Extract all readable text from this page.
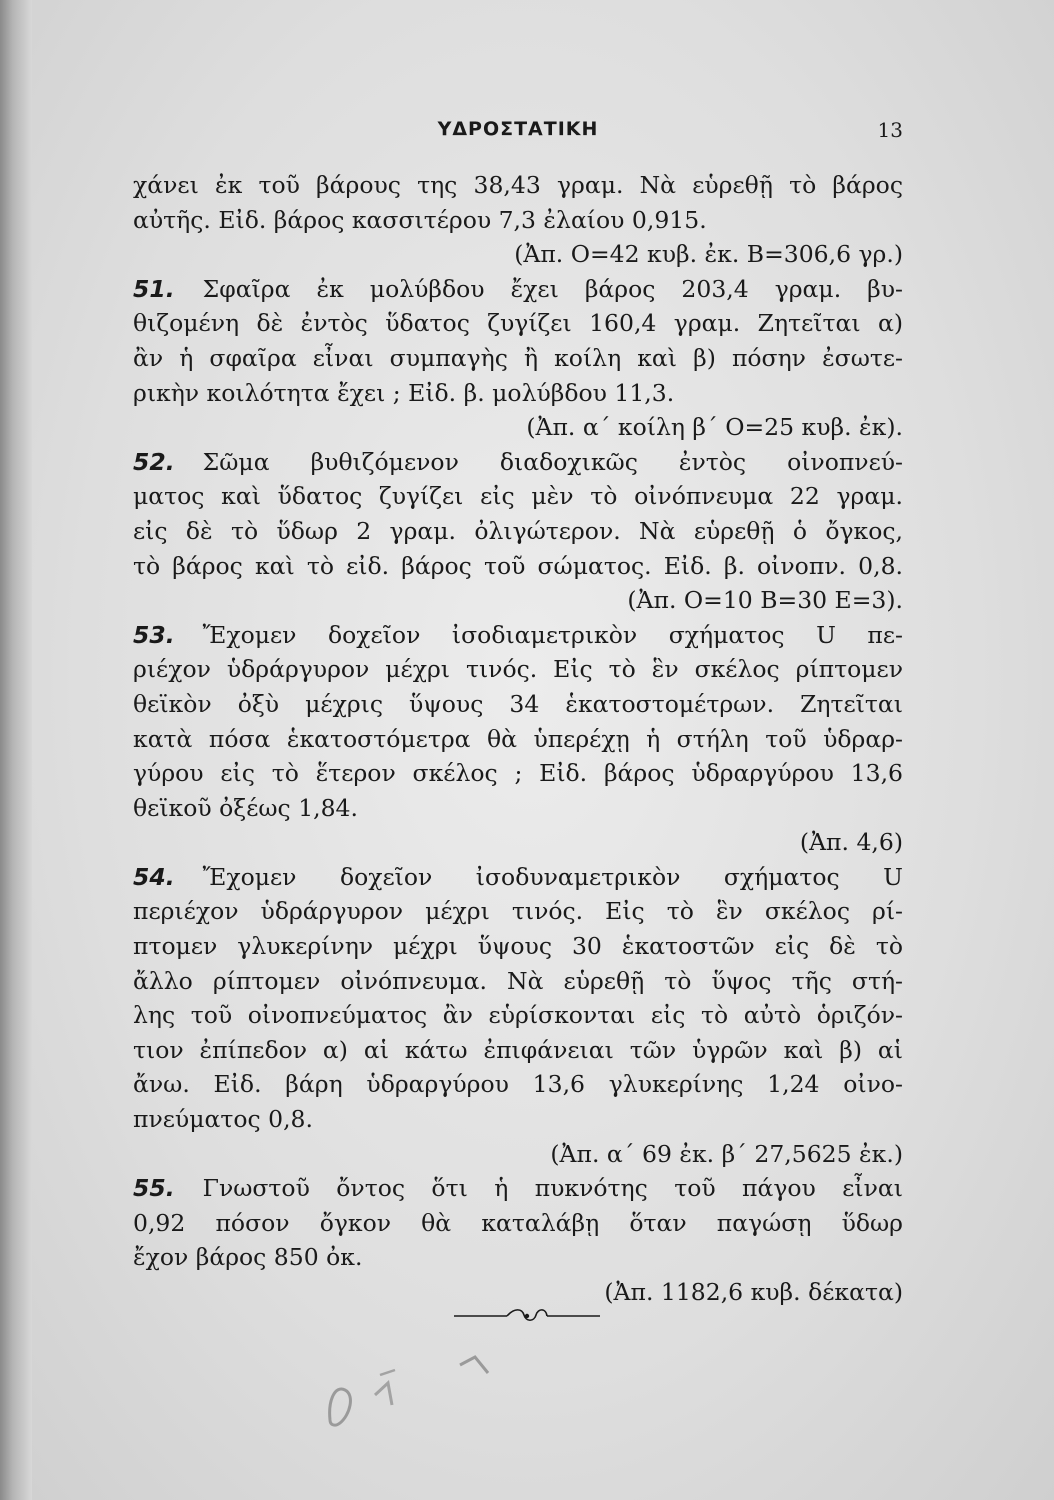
ΥΔΡΟΣΤΑΤΙΚΗ	13
χάνει ἐκ τοῦ βάρους της 38,43 γραμ. Νὰ εὑρεθῇ τὸ βάρος
αὐτῆς. Εἰδ. βάρος κασσιτέρου 7,3 ἐλαίου 0,915.
(Ἀπ. Ο=42 κυβ. ἐκ. Β=306,6 γρ.)
51. Σφαῖρα ἐκ μολύβδου ἔχει βάρος 203,4 γραμ. βυ-
θιζομένη δὲ ἐντὸς ὕδατος ζυγίζει 160,4 γραμ. Ζητεῖται α)
ἂν ἡ σφαῖρα εἶναι συμπαγὴς ἢ κοίλη καὶ β) πόσην ἐσωτε-
ρικὴν κοιλότητα ἔχει ; Εἰδ. β. μολύβδου 11,3.
(Ἀπ. α΄ κοίλη β΄ Ο=25 κυβ. ἐκ).
52. Σῶμα βυθιζόμενον διαδοχικῶς ἐντὸς οἰνοπνεύ-
ματος καὶ ὕδατος ζυγίζει εἰς μὲν τὸ οἰνόπνευμα 22 γραμ.
εἰς δὲ τὸ ὕδωρ 2 γραμ. ὀλιγώτερον. Νὰ εὑρεθῇ ὁ ὄγκος,
τὸ βάρος καὶ τὸ εἰδ. βάρος τοῦ σώματος. Εἰδ. β. οἰνοπν. 0,8.
(Ἀπ. Ο=10 Β=30 Ε=3).
53. Ἔχομεν δοχεῖον ἰσοδιαμετρικὸν σχήματος U πε-
ριέχον ὑδράργυρον μέχρι τινός. Εἰς τὸ ἓν σκέλος ρίπτομεν
θεϊκὸν ὀξὺ μέχρις ὕψους 34 ἑκατοστομέτρων. Ζητεῖται
κατὰ πόσα ἑκατοστόμετρα θὰ ὑπερέχῃ ἡ στήλη τοῦ ὑδραρ-
γύρου εἰς τὸ ἕτερον σκέλος ; Εἰδ. βάρος ὑδραργύρου 13,6
θεϊκοῦ ὀξέως 1,84.
(Ἀπ. 4,6)
54. Ἔχομεν δοχεῖον ἰσοδυναμετρικὸν σχήματος U
περιέχον ὑδράργυρον μέχρι τινός. Εἰς τὸ ἓν σκέλος ρί-
πτομεν γλυκερίνην μέχρι ὕψους 30 ἑκατοστῶν εἰς δὲ τὸ
ἄλλο ρίπτομεν οἰνόπνευμα. Νὰ εὑρεθῇ τὸ ὕψος τῆς στή-
λης τοῦ οἰνοπνεύματος ἂν εὑρίσκονται εἰς τὸ αὐτὸ ὁριζόν-
τιον ἐπίπεδον α) αἱ κάτω ἐπιφάνειαι τῶν ὑγρῶν καὶ β) αἱ
ἄνω. Εἰδ. βάρη ὑδραργύρου 13,6 γλυκερίνης 1,24 οἰνο-
πνεύματος 0,8.
(Ἀπ. α΄ 69 ἐκ. β΄ 27,5625 ἐκ.)
55. Γνωστοῦ ὄντος ὅτι ἡ πυκνότης τοῦ πάγου εἶναι
0,92 πόσον ὄγκον θὰ καταλάβῃ ὅταν παγώσῃ ὕδωρ
ἔχον βάρος 850 ὀκ.
(Ἀπ. 1182,6 κυβ. δέκατα)
